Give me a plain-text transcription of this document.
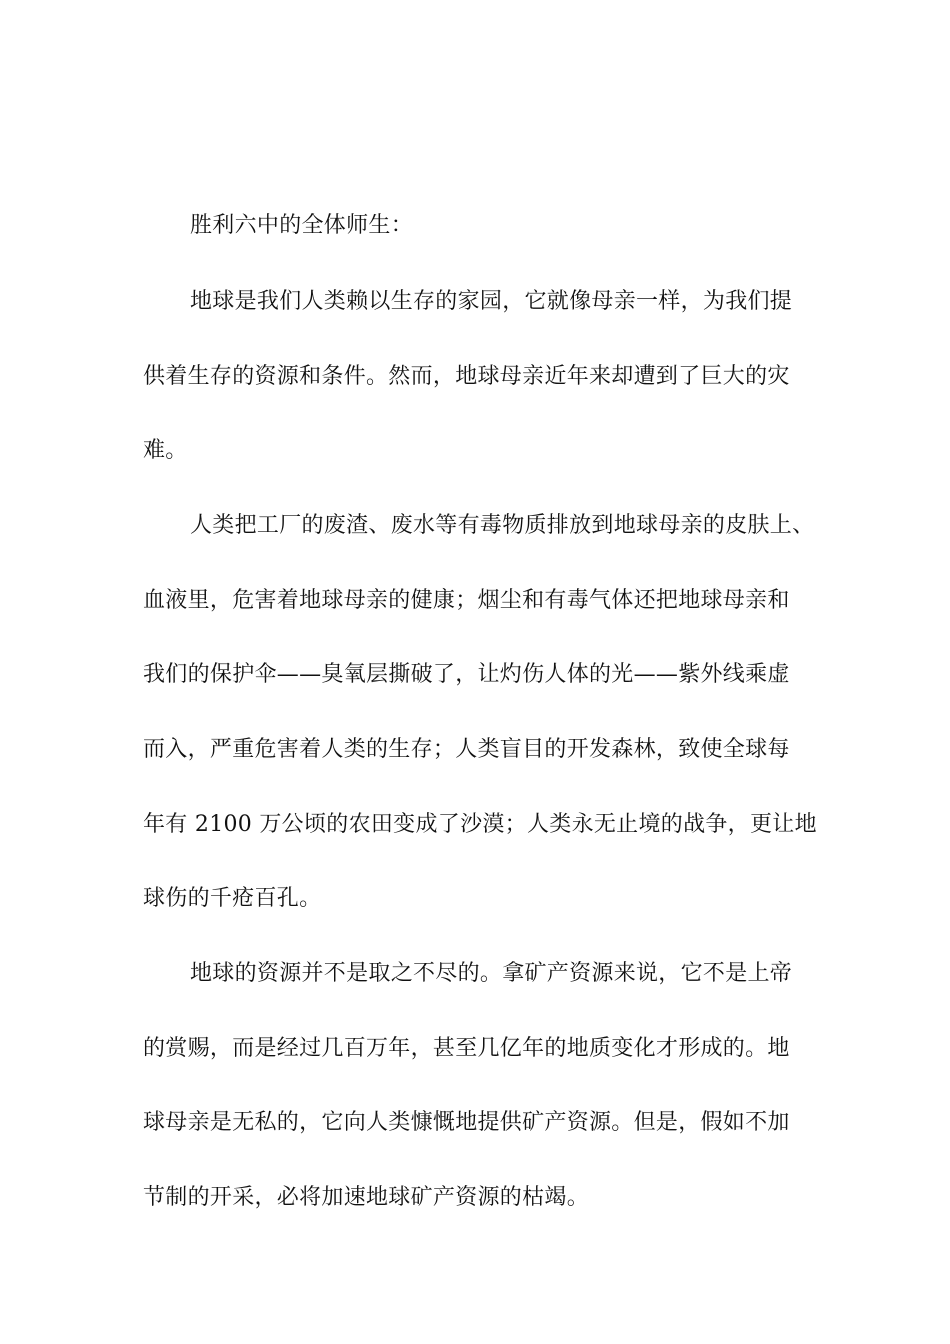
胜利六中的全体师生：
地球是我们人类赖以生存的家园，它就像母亲一样，为我们提
供着生存的资源和条件。然而，地球母亲近年来却遭到了巨大的灾
难。
人类把工厂的废渣、废水等有毒物质排放到地球母亲的皮肤上、
血液里，危害着地球母亲的健康；烟尘和有毒气体还把地球母亲和
我们的保护伞——臭氧层撕破了，让灼伤人体的光——紫外线乘虚
而入，严重危害着人类的生存；人类盲目的开发森林，致使全球每
年有 2100 万公顷的农田变成了沙漠；人类永无止境的战争，更让地
球伤的千疮百孔。
地球的资源并不是取之不尽的。拿矿产资源来说，它不是上帝
的赏赐，而是经过几百万年，甚至几亿年的地质变化才形成的。地
球母亲是无私的，它向人类慷慨地提供矿产资源。但是，假如不加
节制的开采，必将加速地球矿产资源的枯竭。
